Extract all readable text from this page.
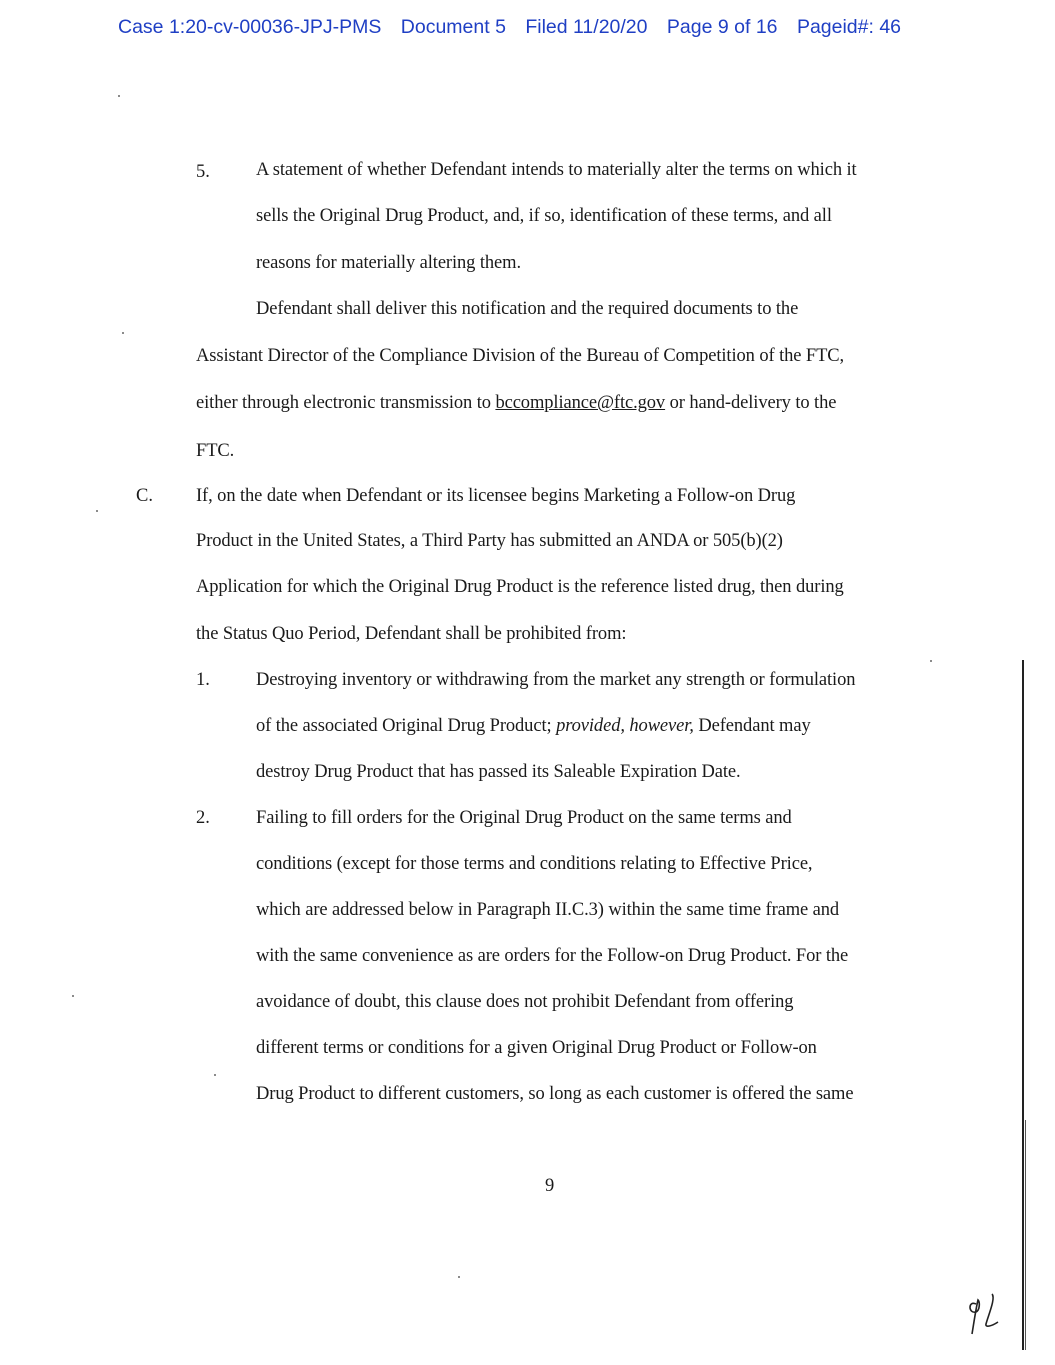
Case 1:20-cv-00036-JPJ-PMS Document 5 Filed 11/20/20 Page 9 of 16 Pageid#: 46
5. A statement of whether Defendant intends to materially alter the terms on which it
sells the Original Drug Product, and, if so, identification of these terms, and all
reasons for materially altering them.
Defendant shall deliver this notification and the required documents to the
Assistant Director of the Compliance Division of the Bureau of Competition of the FTC,
either through electronic transmission to bccompliance@ftc.gov or hand-delivery to the
FTC.
C. If, on the date when Defendant or its licensee begins Marketing a Follow-on Drug
Product in the United States, a Third Party has submitted an ANDA or 505(b)(2)
Application for which the Original Drug Product is the reference listed drug, then during
the Status Quo Period, Defendant shall be prohibited from:
1. Destroying inventory or withdrawing from the market any strength or formulation
of the associated Original Drug Product; provided, however, Defendant may
destroy Drug Product that has passed its Saleable Expiration Date.
2. Failing to fill orders for the Original Drug Product on the same terms and
conditions (except for those terms and conditions relating to Effective Price,
which are addressed below in Paragraph II.C.3) within the same time frame and
with the same convenience as are orders for the Follow-on Drug Product. For the
avoidance of doubt, this clause does not prohibit Defendant from offering
different terms or conditions for a given Original Drug Product or Follow-on
Drug Product to different customers, so long as each customer is offered the same
9
